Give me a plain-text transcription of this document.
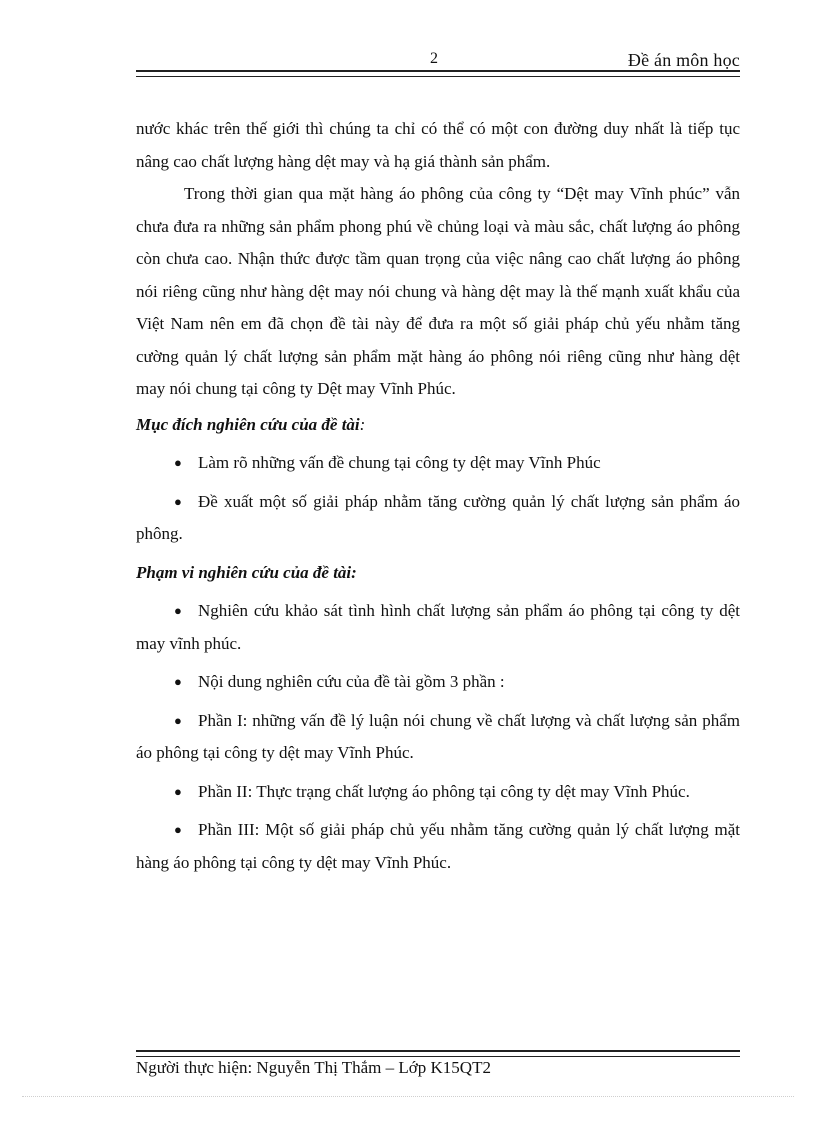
2	Đề án môn học

nước khác trên thế giới thì chúng ta chỉ có thể có một con đường duy nhất là tiếp tục nâng cao chất lượng hàng dệt may và hạ giá thành sản phẩm.

Trong thời gian qua mặt hàng áo phông của công ty “Dệt may Vĩnh phúc” vẫn chưa đưa ra những sản phẩm phong phú về chủng loại và màu sắc, chất lượng áo phông còn chưa cao. Nhận thức được tầm quan trọng của việc nâng cao chất lượng áo phông nói riêng cũng như hàng dệt may nói chung và hàng dệt may là thế mạnh xuất khẩu của Việt Nam nên em đã chọn đề tài này để đưa ra một số giải pháp chủ yếu nhằm tăng cường quản lý chất lượng sản phẩm mặt hàng áo phông nói riêng cũng như hàng dệt may nói chung tại công ty Dệt may Vĩnh Phúc.

Mục đích nghiên cứu của đề tài:

● Làm rõ những vấn đề chung tại công ty dệt may Vĩnh Phúc

● Đề xuất một số giải pháp nhằm tăng cường quản lý chất lượng sản phẩm áo phông.

Phạm vi nghiên cứu của đề tài:

● Nghiên cứu khảo sát tình hình chất lượng sản phẩm áo phông tại công ty dệt may vĩnh phúc.

● Nội dung nghiên cứu của đề tài gồm 3 phần :

● Phần I: những vấn đề lý luận nói chung về chất lượng và chất lượng sản phẩm áo phông tại công ty dệt may Vĩnh Phúc.

● Phần II: Thực trạng chất lượng áo phông tại công ty dệt may Vĩnh Phúc.

● Phần III: Một số giải pháp chủ yếu nhằm tăng cường quản lý chất lượng mặt hàng áo phông tại công ty dệt may Vĩnh Phúc.

Người thực hiện: Nguyễn Thị Thắm – Lớp K15QT2
